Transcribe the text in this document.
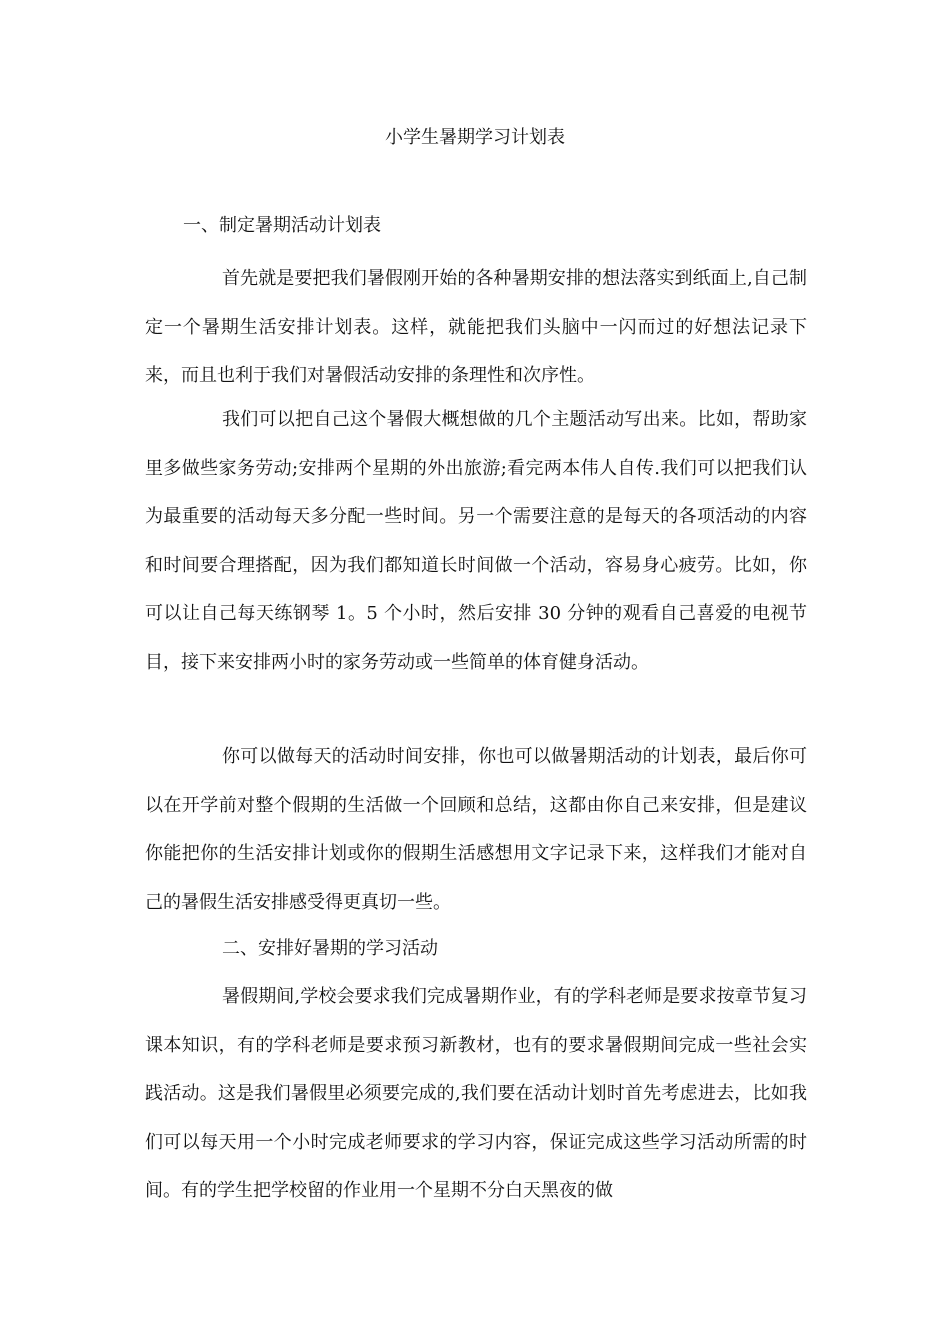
小学生暑期学习计划表
一、制定暑期活动计划表

首先就是要把我们暑假刚开始的各种暑期安排的想法落实到纸面上,自己制定一个暑期生活安排计划表。这样，就能把我们头脑中一闪而过的好想法记录下来，而且也利于我们对暑假活动安排的条理性和次序性。

我们可以把自己这个暑假大概想做的几个主题活动写出来。比如，帮助家里多做些家务劳动;安排两个星期的外出旅游;看完两本伟人自传.我们可以把我们认为最重要的活动每天多分配一些时间。另一个需要注意的是每天的各项活动的内容和时间要合理搭配，因为我们都知道长时间做一个活动，容易身心疲劳。比如，你可以让自己每天练钢琴 1。5 个小时，然后安排 30 分钟的观看自己喜爱的电视节目，接下来安排两小时的家务劳动或一些简单的体育健身活动。

你可以做每天的活动时间安排，你也可以做暑期活动的计划表，最后你可以在开学前对整个假期的生活做一个回顾和总结，这都由你自己来安排，但是建议你能把你的生活安排计划或你的假期生活感想用文字记录下来，这样我们才能对自己的暑假生活安排感受得更真切一些。

二、安排好暑期的学习活动

暑假期间,学校会要求我们完成暑期作业，有的学科老师是要求按章节复习课本知识，有的学科老师是要求预习新教材，也有的要求暑假期间完成一些社会实践活动。这是我们暑假里必须要完成的,我们要在活动计划时首先考虑进去，比如我们可以每天用一个小时完成老师要求的学习内容，保证完成这些学习活动所需的时间。有的学生把学校留的作业用一个星期不分白天黑夜的做
